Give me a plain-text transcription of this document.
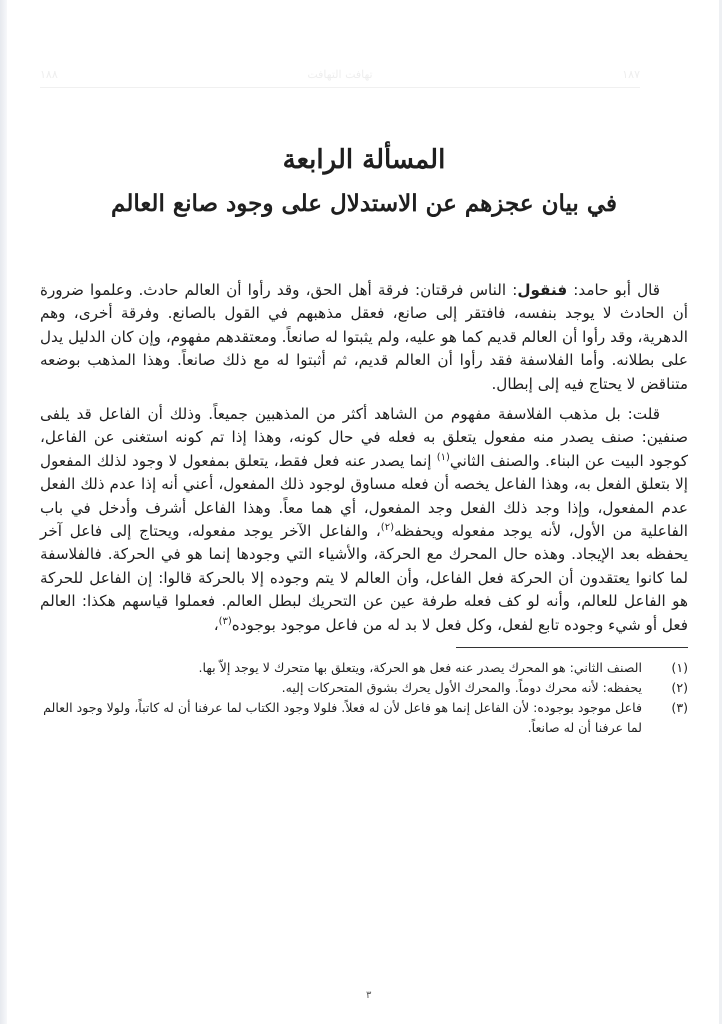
١٨٨	تهافت التهافت	١٨٧
المسألة الرابعة
في بيان عجزهم عن الاستدلال على وجود صانع العالم

قال أبو حامد: فنقول: الناس فرقتان: فرقة أهل الحق، وقد رأوا أن العالم حادث. وعلموا ضرورة أن الحادث لا يوجد بنفسه، فافتقر إلى صانع، فعقل مذهبهم في القول بالصانع. وفرقة أخرى، وهم الدهرية، وقد رأوا أن العالم قديم كما هو عليه، ولم يثبتوا له صانعاً. ومعتقدهم مفهوم، وإن كان الدليل يدل على بطلانه. وأما الفلاسفة فقد رأوا أن العالم قديم، ثم أثبتوا له مع ذلك صانعاً. وهذا المذهب بوضعه متناقض لا يحتاج فيه إلى إبطال.

قلت: بل مذهب الفلاسفة مفهوم من الشاهد أكثر من المذهبين جميعاً. وذلك أن الفاعل قد يلفى صنفين: صنف يصدر منه مفعول يتعلق به فعله في حال كونه، وهذا إذا تم كونه استغنى عن الفاعل، كوجود البيت عن البناء. والصنف الثاني$^{(١)}$ إنما يصدر عنه فعل فقط، يتعلق بمفعول لا وجود لذلك المفعول إلا بتعلق الفعل به، وهذا الفاعل يخصه أن فعله مساوق لوجود ذلك المفعول، أعني أنه إذا عدم ذلك الفعل عدم المفعول، وإذا وجد ذلك الفعل وجد المفعول، أي هما معاً. وهذا الفاعل أشرف وأدخل في باب الفاعلية من الأول، لأنه يوجد مفعوله ويحفظه$^{(٢)}$، والفاعل الآخر يوجد مفعوله، ويحتاج إلى فاعل آخر يحفظه بعد الإيجاد. وهذه حال المحرك مع الحركة، والأشياء التي وجودها إنما هو في الحركة. فالفلاسفة لما كانوا يعتقدون أن الحركة فعل الفاعل، وأن العالم لا يتم وجوده إلا بالحركة قالوا: إن الفاعل للحركة هو الفاعل للعالم، وأنه لو كف فعله طرفة عين عن التحريك لبطل العالم. فعملوا قياسهم هكذا: العالم فعل أو شيء وجوده تابع لفعل، وكل فعل لا بد له من فاعل موجود بوجوده$^{(٣)}$،

(١)
الصنف الثاني: هو المحرك يصدر عنه فعل هو الحركة، ويتعلق بها متحرك لا يوجد إلاّ بها.
(٢)
يحفظه: لأنه محرك دوماً. والمحرك الأول يحرك بشوق المتحركات إليه.
(٣)
فاعل موجود بوجوده: لأن الفاعل إنما هو فاعل لأن له فعلاً. فلولا وجود الكتاب لما عرفنا أن له كاتباً، ولولا وجود العالم لما عرفنا أن له صانعاً.
٣
